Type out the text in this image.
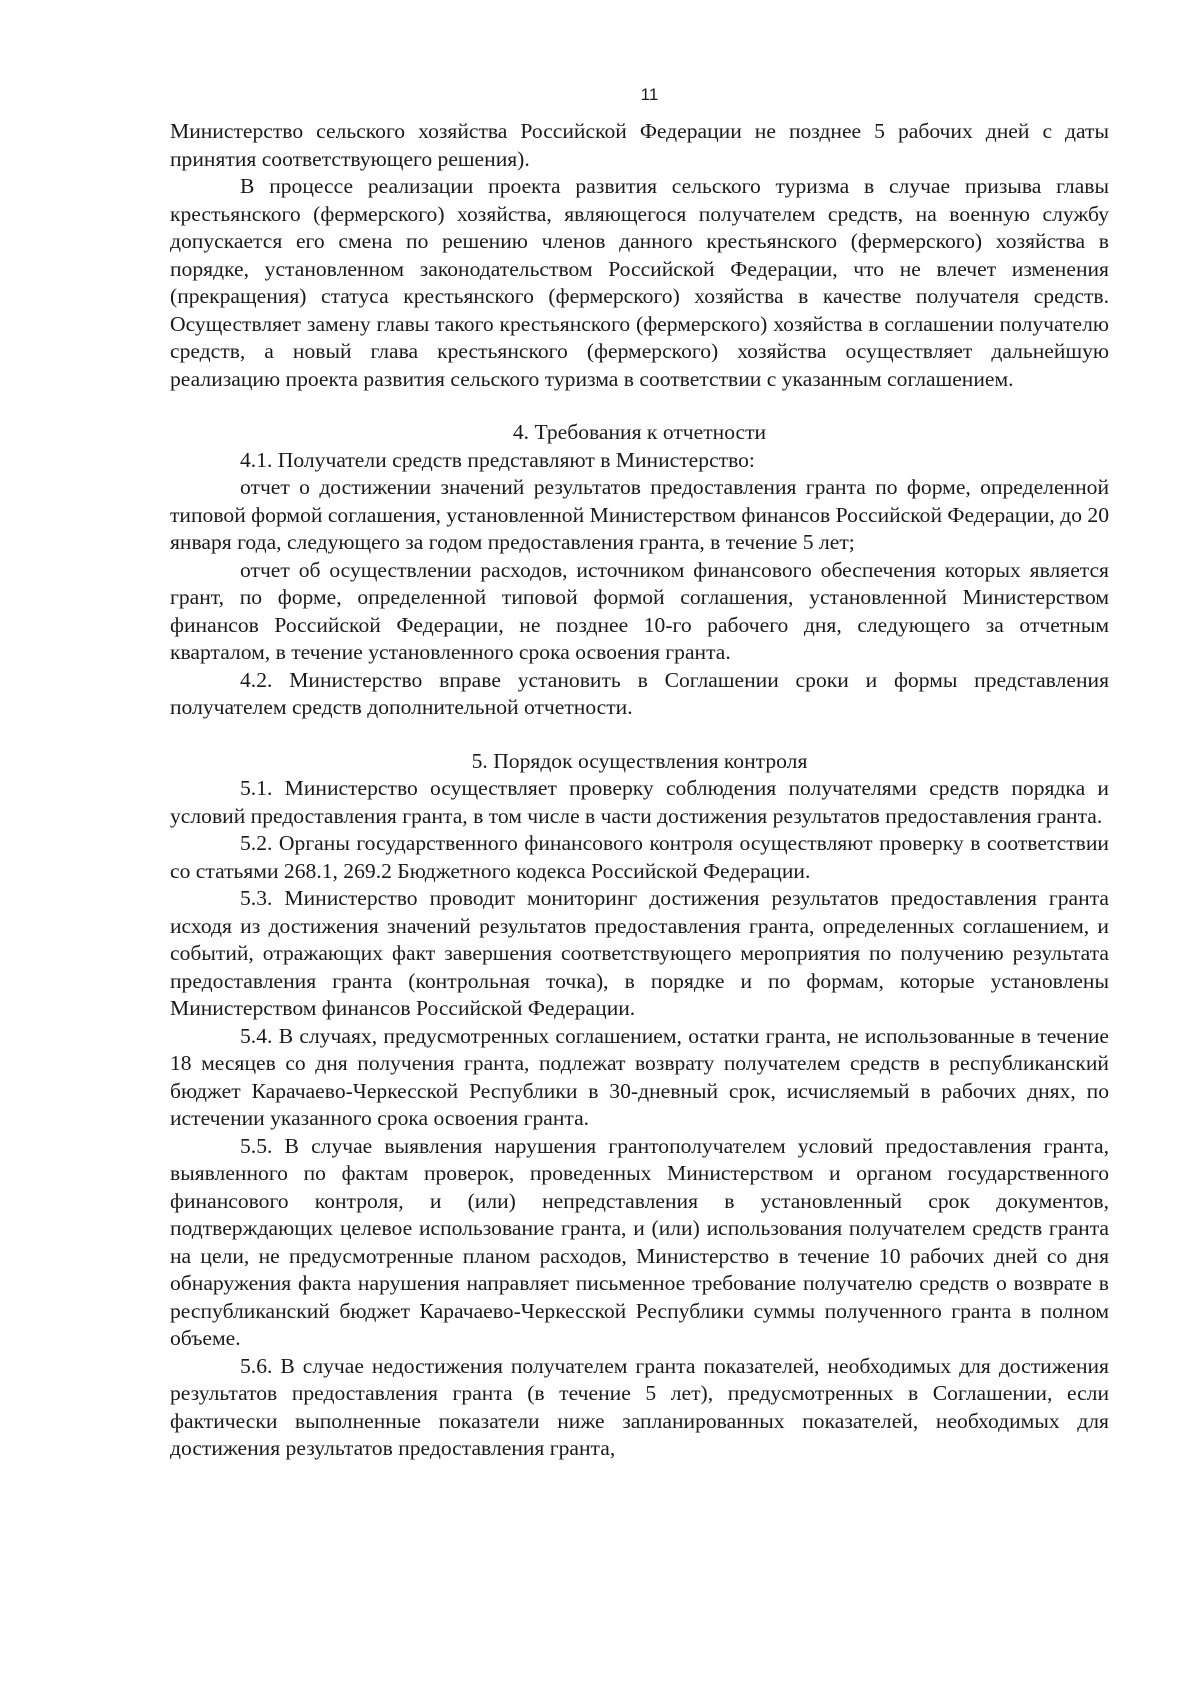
11

Министерство сельского хозяйства Российской Федерации не позднее 5 рабочих дней с даты принятия соответствующего решения).

В процессе реализации проекта развития сельского туризма в случае призыва главы крестьянского (фермерского) хозяйства, являющегося получателем средств, на военную службу допускается его смена по решению членов данного крестьянского (фермерского) хозяйства в порядке, установленном законодательством Российской Федерации, что не влечет изменения (прекращения) статуса крестьянского (фермерского) хозяйства в качестве получателя средств. Осуществляет замену главы такого крестьянского (фермерского) хозяйства в соглашении получателю средств, а новый глава крестьянского (фермерского) хозяйства осуществляет дальнейшую реализацию проекта развития сельского туризма в соответствии с указанным соглашением.

4. Требования к отчетности

4.1. Получатели средств представляют в Министерство:

отчет о достижении значений результатов предоставления гранта по форме, определенной типовой формой соглашения, установленной Министерством финансов Российской Федерации, до 20 января года, следующего за годом предоставления гранта, в течение 5 лет;

отчет об осуществлении расходов, источником финансового обеспечения которых является грант, по форме, определенной типовой формой соглашения, установленной Министерством финансов Российской Федерации, не позднее 10-го рабочего дня, следующего за отчетным кварталом, в течение установленного срока освоения гранта.

4.2. Министерство вправе установить в Соглашении сроки и формы представления получателем средств дополнительной отчетности.

5. Порядок осуществления контроля

5.1. Министерство осуществляет проверку соблюдения получателями средств порядка и условий предоставления гранта, в том числе в части достижения результатов предоставления гранта.

5.2. Органы государственного финансового контроля осуществляют проверку в соответствии со статьями 268.1, 269.2 Бюджетного кодекса Российской Федерации.

5.3. Министерство проводит мониторинг достижения результатов предоставления гранта исходя из достижения значений результатов предоставления гранта, определенных соглашением, и событий, отражающих факт завершения соответствующего мероприятия по получению результата предоставления гранта (контрольная точка), в порядке и по формам, которые установлены Министерством финансов Российской Федерации.

5.4. В случаях, предусмотренных соглашением, остатки гранта, не использованные в течение 18 месяцев со дня получения гранта, подлежат возврату получателем средств в республиканский бюджет Карачаево-Черкесской Республики в 30-дневный срок, исчисляемый в рабочих днях, по истечении указанного срока освоения гранта.

5.5. В случае выявления нарушения грантополучателем условий предоставления гранта, выявленного по фактам проверок, проведенных Министерством и органом государственного финансового контроля, и (или) непредставления в установленный срок документов, подтверждающих целевое использование гранта, и (или) использования получателем средств гранта на цели, не предусмотренные планом расходов, Министерство в течение 10 рабочих дней со дня обнаружения факта нарушения направляет письменное требование получателю средств о возврате в республиканский бюджет Карачаево-Черкесской Республики суммы полученного гранта в полном объеме.

5.6. В случае недостижения получателем гранта показателей, необходимых для достижения результатов предоставления гранта (в течение 5 лет), предусмотренных в Соглашении, если фактически выполненные показатели ниже запланированных показателей, необходимых для достижения результатов предоставления гранта,
